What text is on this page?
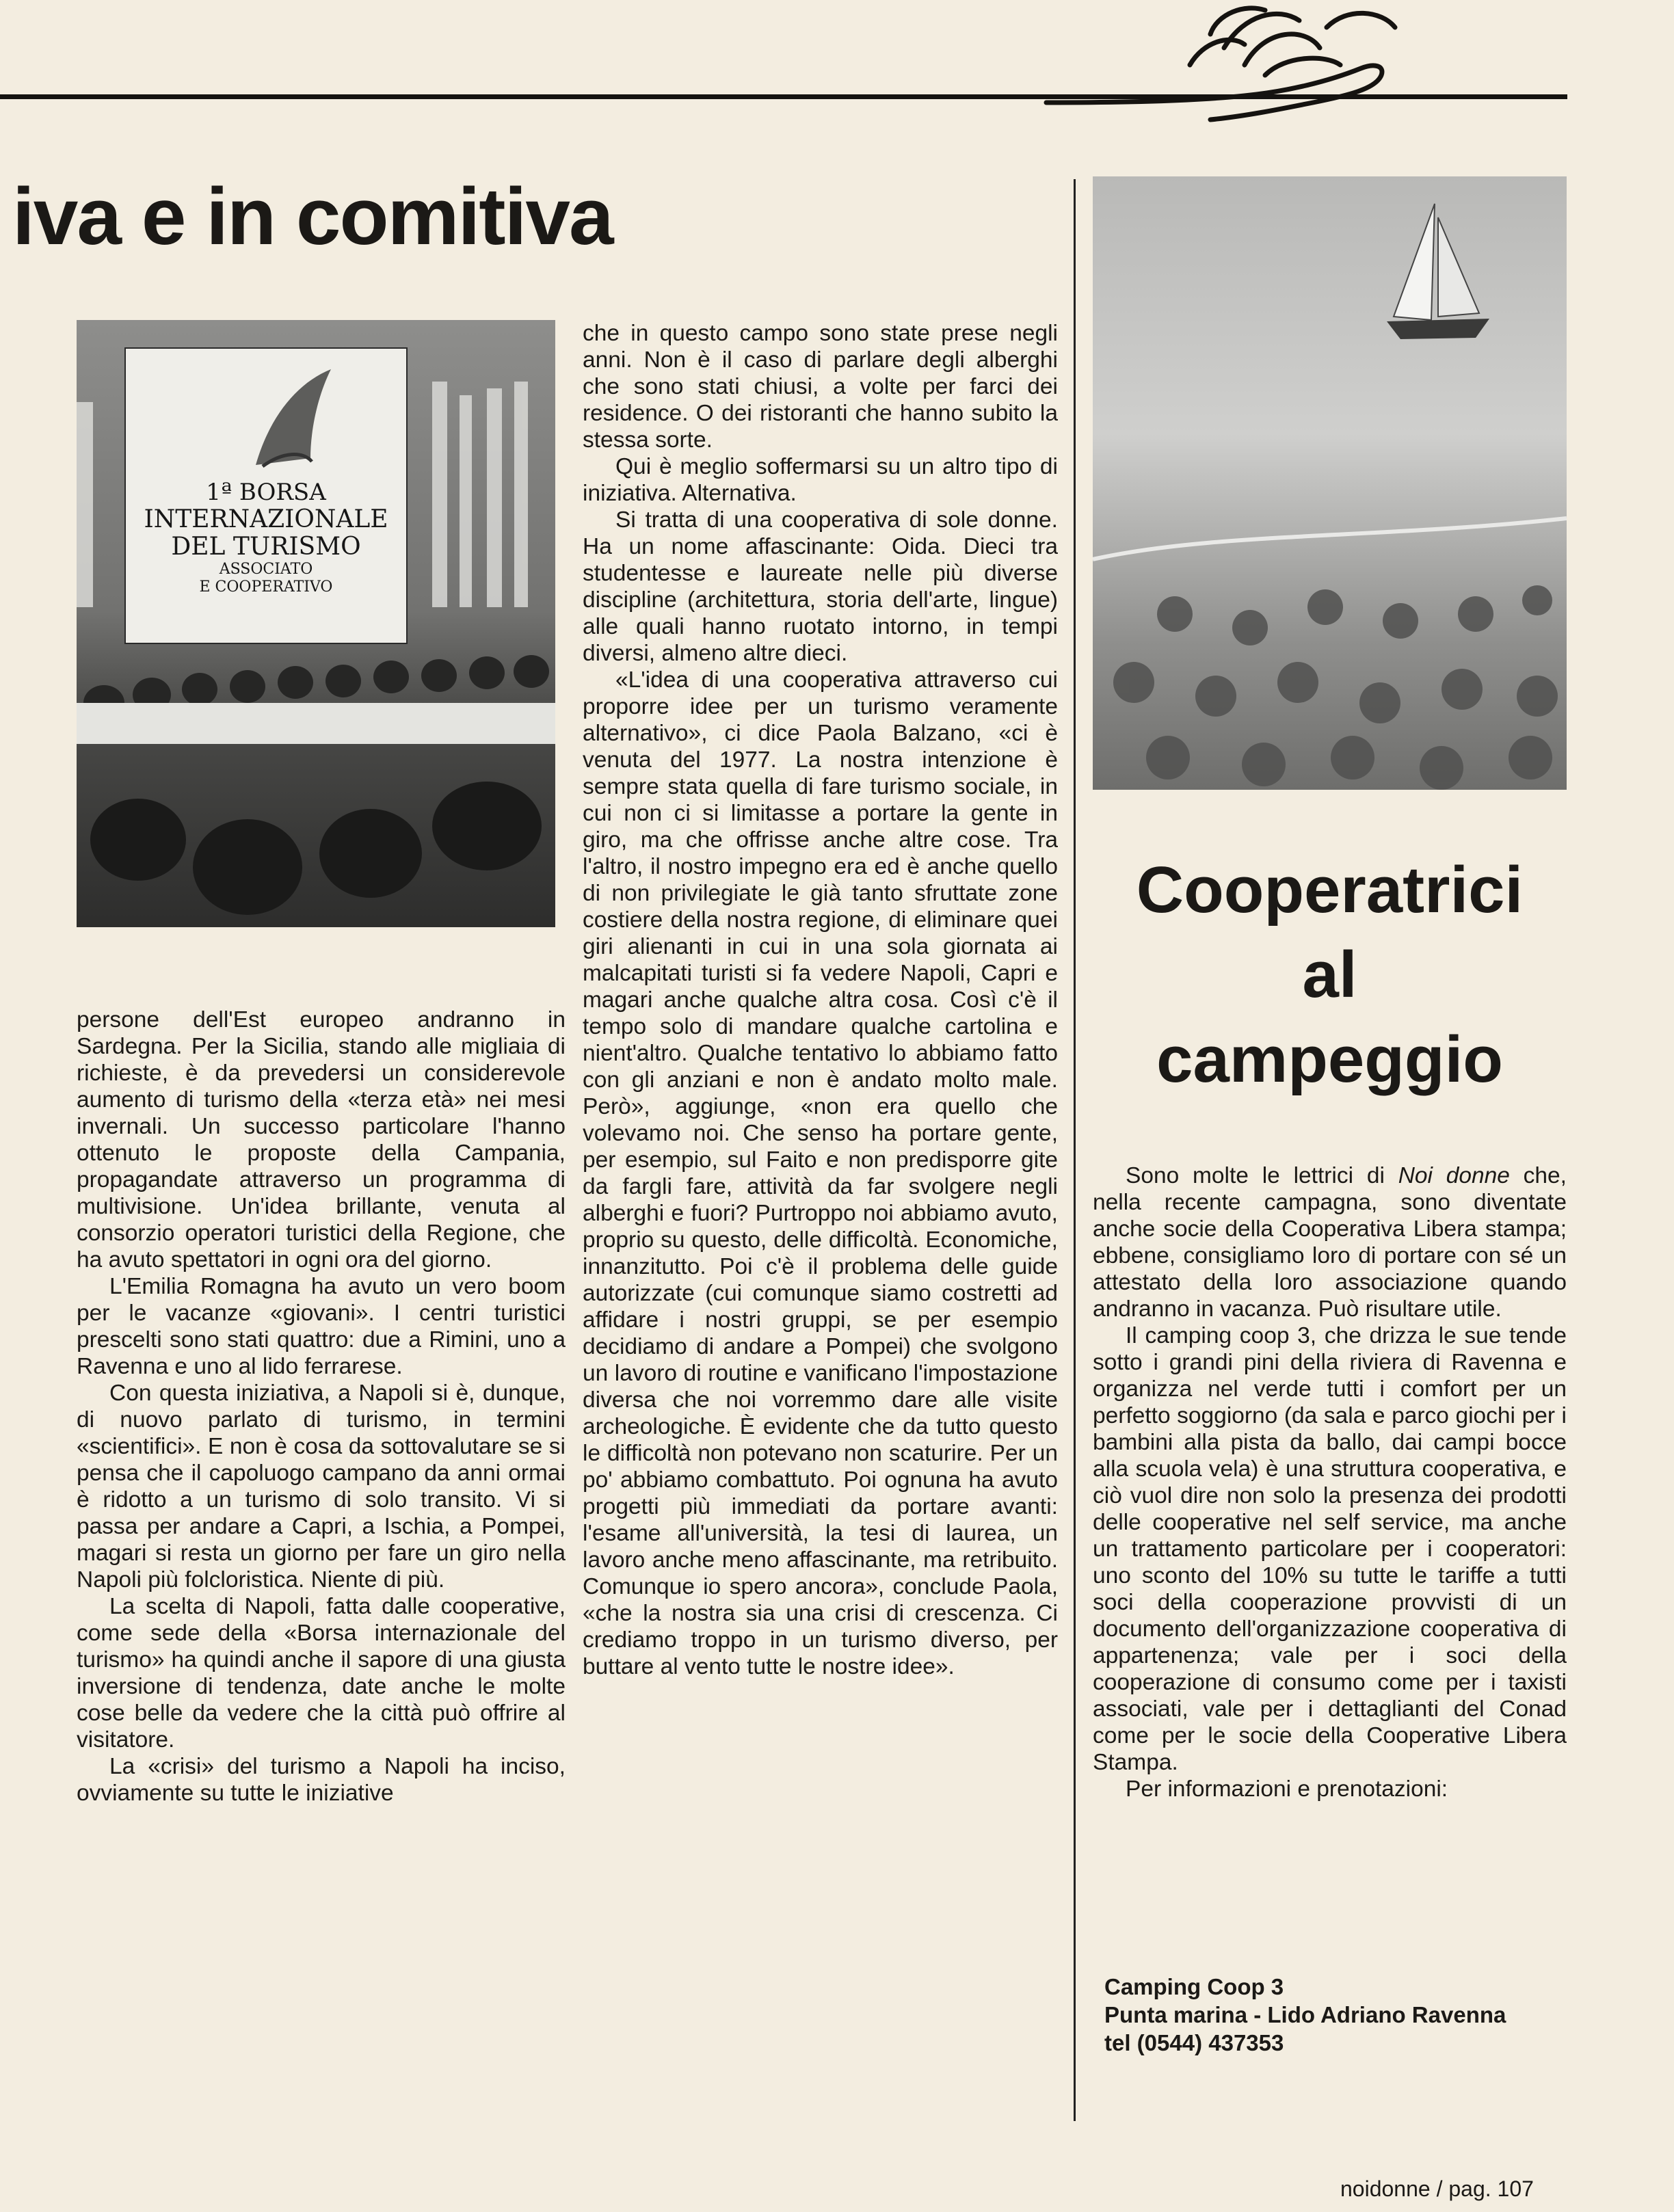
iva e in comitiva
1ª BORSA
INTERNAZIONALE
DEL TURISMO
ASSOCIATO
E COOPERATIVO

persone dell'Est europeo andranno in Sardegna. Per la Sicilia, stando alle migliaia di richieste, è da prevedersi un considerevole aumento di turismo della «terza età» nei mesi invernali. Un successo particolare l'hanno ottenuto le proposte della Campania, propagandate attraverso un programma di multivisione. Un'idea brillante, venuta al consorzio operatori turistici della Regione, che ha avuto spettatori in ogni ora del giorno.

L'Emilia Romagna ha avuto un vero boom per le vacanze «giovani». I centri turistici prescelti sono stati quattro: due a Rimini, uno a Ravenna e uno al lido ferrarese.

Con questa iniziativa, a Napoli si è, dunque, di nuovo parlato di turismo, in termini «scientifici». E non è cosa da sottovalutare se si pensa che il capoluogo campano da anni ormai è ridotto a un turismo di solo transito. Vi si passa per andare a Capri, a Ischia, a Pompei, magari si resta un giorno per fare un giro nella Napoli più folcloristica. Niente di più.

La scelta di Napoli, fatta dalle cooperative, come sede della «Borsa internazionale del turismo» ha quindi anche il sapore di una giusta inversione di tendenza, date anche le molte cose belle da vedere che la città può offrire al visitatore.

La «crisi» del turismo a Napoli ha inciso, ovviamente su tutte le iniziative

che in questo campo sono state prese negli anni. Non è il caso di parlare degli alberghi che sono stati chiusi, a volte per farci dei residence. O dei ristoranti che hanno subito la stessa sorte.

Qui è meglio soffermarsi su un altro tipo di iniziativa. Alternativa.

Si tratta di una cooperativa di sole donne. Ha un nome affascinante: Oida. Dieci tra studentesse e laureate nelle più diverse discipline (architettura, storia dell'arte, lingue) alle quali hanno ruotato intorno, in tempi diversi, almeno altre dieci.

«L'idea di una cooperativa attraverso cui proporre idee per un turismo veramente alternativo», ci dice Paola Balzano, «ci è venuta del 1977. La nostra intenzione è sempre stata quella di fare turismo sociale, in cui non ci si limitasse a portare la gente in giro, ma che offrisse anche altre cose. Tra l'altro, il nostro impegno era ed è anche quello di non privilegiate le già tanto sfruttate zone costiere della nostra regione, di eliminare quei giri alienanti in cui in una sola giornata ai malcapitati turisti si fa vedere Napoli, Capri e magari anche qualche altra cosa. Così c'è il tempo solo di mandare qualche cartolina e nient'altro. Qualche tentativo lo abbiamo fatto con gli anziani e non è andato molto male. Però», aggiunge, «non era quello che volevamo noi. Che senso ha portare gente, per esempio, sul Faito e non predisporre gite da fargli fare, attività da far svolgere negli alberghi e fuori? Purtroppo noi abbiamo avuto, proprio su questo, delle difficoltà. Economiche, innanzitutto. Poi c'è il problema delle guide autorizzate (cui comunque siamo costretti ad affidare i nostri gruppi, se per esempio decidiamo di andare a Pompei) che svolgono un lavoro di routine e vanificano l'impostazione diversa che noi vorremmo dare alle visite archeologiche. È evidente che da tutto questo le difficoltà non potevano non scaturire. Per un po' abbiamo combattuto. Poi ognuna ha avuto progetti più immediati da portare avanti: l'esame all'università, la tesi di laurea, un lavoro anche meno affascinante, ma retribuito. Comunque io spero ancora», conclude Paola, «che la nostra sia una crisi di crescenza. Ci crediamo troppo in un turismo diverso, per buttare al vento tutte le nostre idee».

Cooperatrici
al
campeggio

Sono molte le lettrici di Noi donne che, nella recente campagna, sono diventate anche socie della Cooperativa Libera stampa; ebbene, consigliamo loro di portare con sé un attestato della loro associazione quando andranno in vacanza. Può risultare utile.

Il camping coop 3, che drizza le sue tende sotto i grandi pini della riviera di Ravenna e organizza nel verde tutti i comfort per un perfetto soggiorno (da sala e parco giochi per i bambini alla pista da ballo, dai campi bocce alla scuola vela) è una struttura cooperativa, e ciò vuol dire non solo la presenza dei prodotti delle cooperative nel self service, ma anche un trattamento particolare per i cooperatori: uno sconto del 10% su tutte le tariffe a tutti soci della cooperazione provvisti di un documento dell'organizzazione cooperativa di appartenenza; vale per i soci della cooperazione di consumo come per i taxisti associati, vale per i dettaglianti del Conad come per le socie della Cooperative Libera Stampa.

Per informazioni e prenotazioni:

Camping Coop 3
Punta marina - Lido Adriano Ravenna
tel (0544) 437353
noidonne / pag. 107
